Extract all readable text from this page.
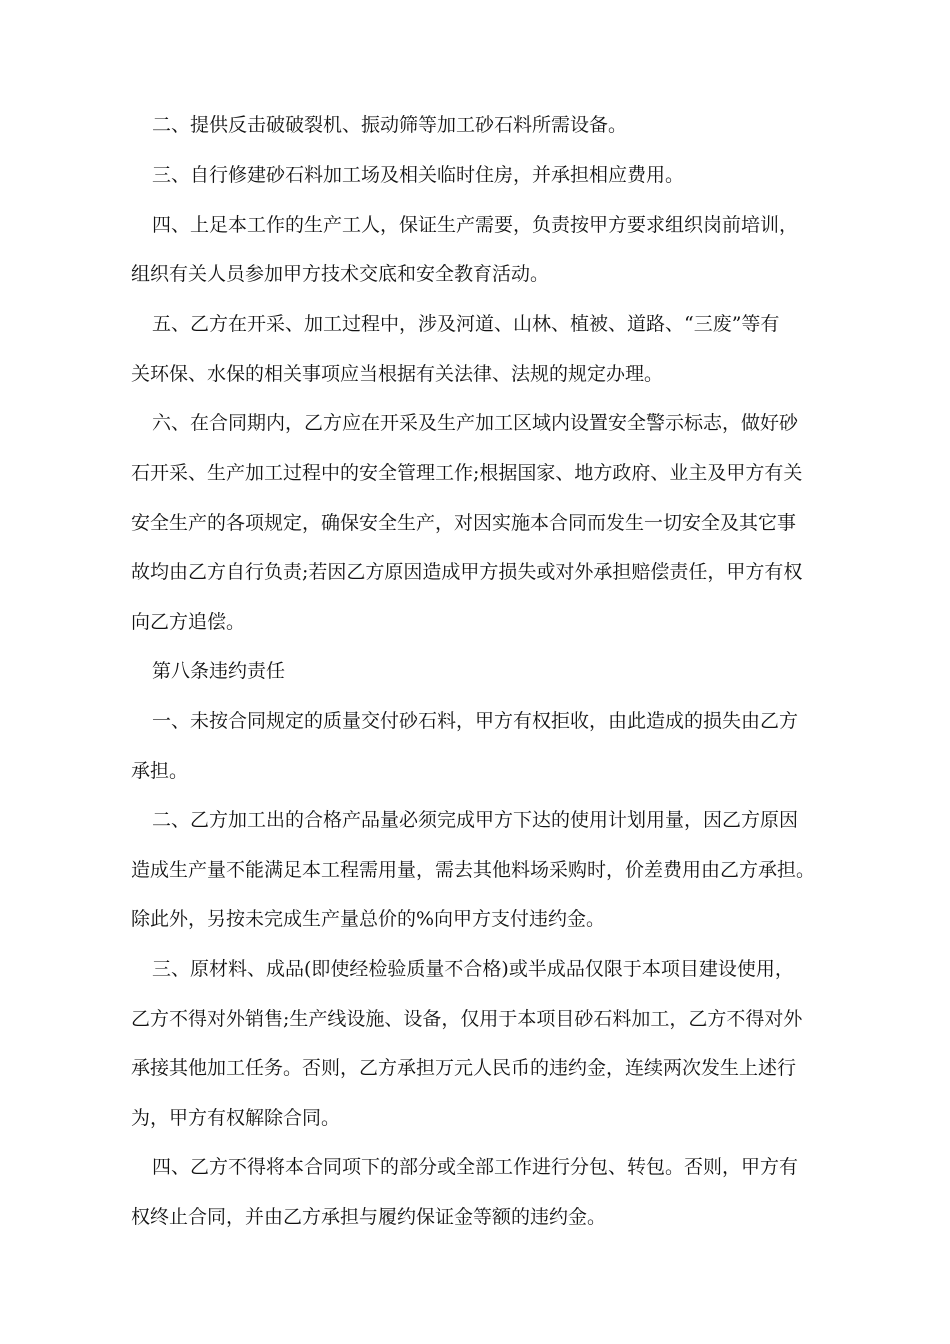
二、提供反击破破裂机、振动筛等加工砂石料所需设备。

三、自行修建砂石料加工场及相关临时住房，并承担相应费用。

四、上足本工作的生产工人，保证生产需要，负责按甲方要求组织岗前培训，

组织有关人员参加甲方技术交底和安全教育活动。

五、乙方在开采、加工过程中，涉及河道、山林、植被、道路、“三废”等有

关环保、水保的相关事项应当根据有关法律、法规的规定办理。

六、在合同期内，乙方应在开采及生产加工区域内设置安全警示标志，做好砂

石开采、生产加工过程中的安全管理工作;根据国家、地方政府、业主及甲方有关

安全生产的各项规定，确保安全生产，对因实施本合同而发生一切安全及其它事

故均由乙方自行负责;若因乙方原因造成甲方损失或对外承担赔偿责任，甲方有权

向乙方追偿。

第八条违约责任

一、未按合同规定的质量交付砂石料，甲方有权拒收，由此造成的损失由乙方

承担。

二、乙方加工出的合格产品量必须完成甲方下达的使用计划用量，因乙方原因

造成生产量不能满足本工程需用量，需去其他料场采购时，价差费用由乙方承担。

除此外，另按未完成生产量总价的%向甲方支付违约金。

三、原材料、成品(即使经检验质量不合格)或半成品仅限于本项目建设使用，

乙方不得对外销售;生产线设施、设备，仅用于本项目砂石料加工，乙方不得对外

承接其他加工任务。否则，乙方承担万元人民币的违约金，连续两次发生上述行

为，甲方有权解除合同。

四、乙方不得将本合同项下的部分或全部工作进行分包、转包。否则，甲方有

权终止合同，并由乙方承担与履约保证金等额的违约金。
